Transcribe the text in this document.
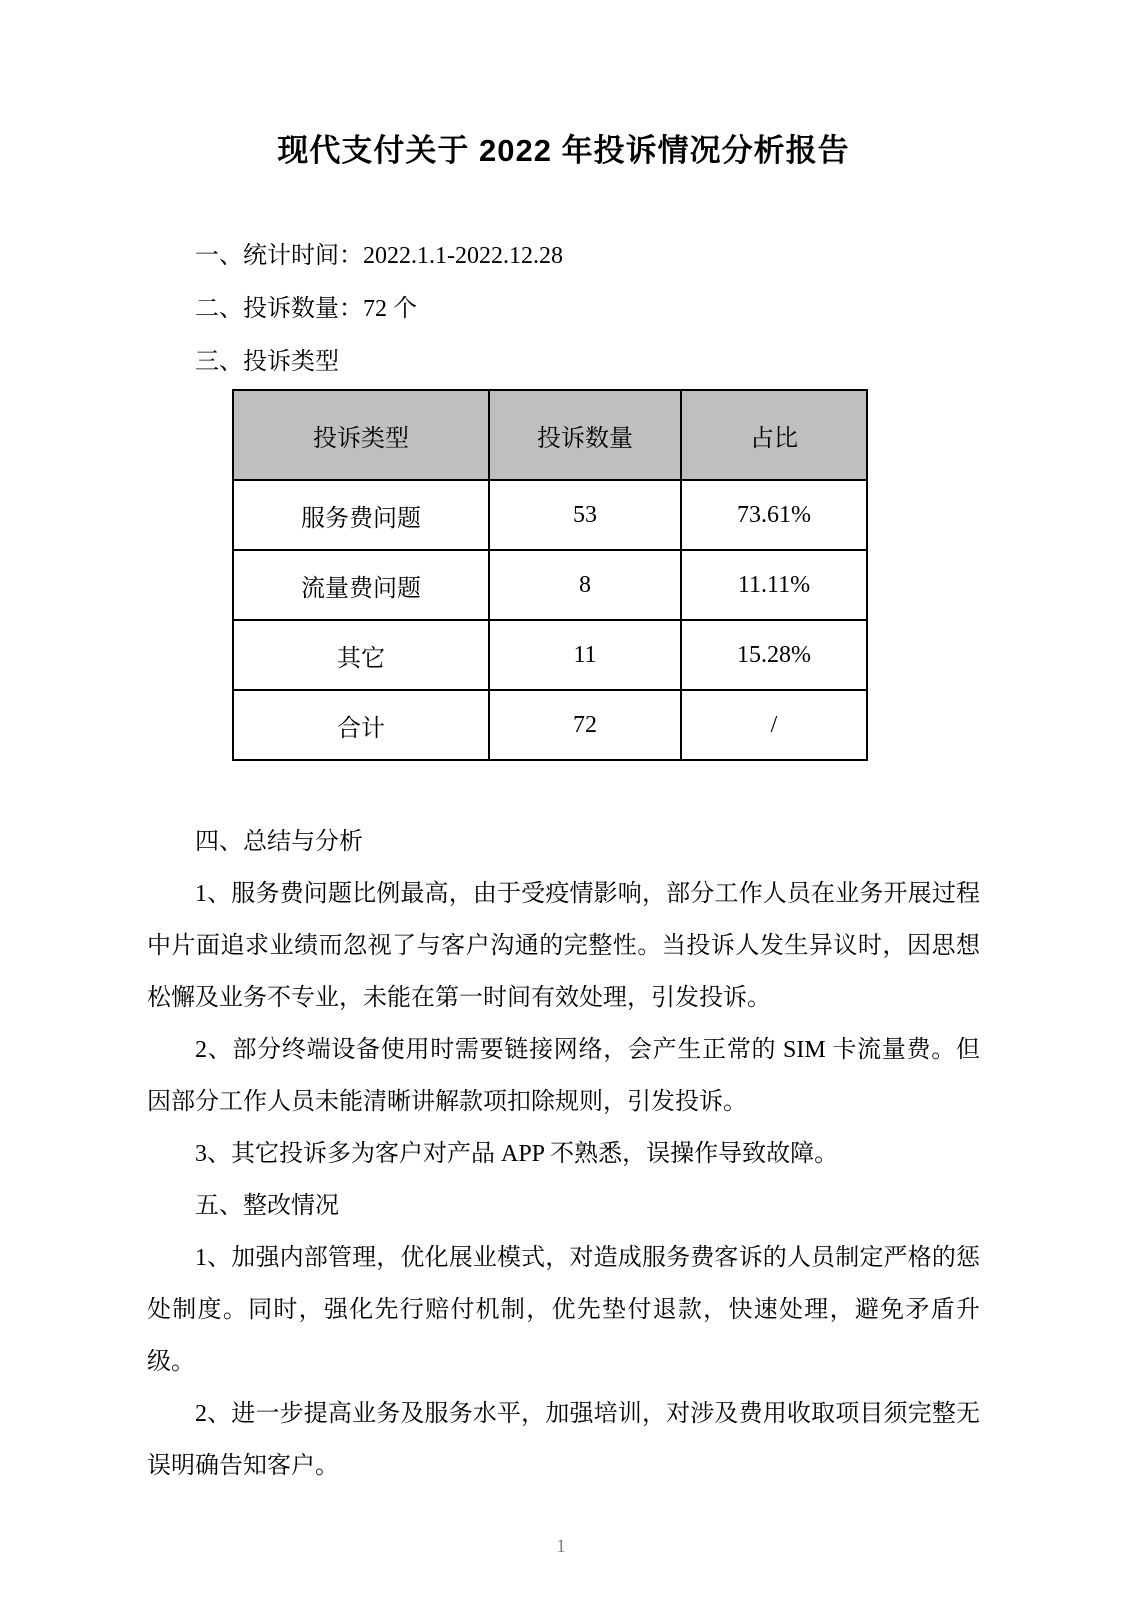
现代支付关于 2022 年投诉情况分析报告
一、统计时间：2022.1.1-2022.12.28
二、投诉数量：72 个
三、投诉类型
投诉类型	投诉数量	占比
服务费问题	53	73.61%
流量费问题	8	11.11%
其它	11	15.28%
合计	72	/

四、总结与分析

1、服务费问题比例最高，由于受疫情影响，部分工作人员在业务开展过程中片面追求业绩而忽视了与客户沟通的完整性。当投诉人发生异议时，因思想松懈及业务不专业，未能在第一时间有效处理，引发投诉。

2、部分终端设备使用时需要链接网络，会产生正常的 SIM 卡流量费。但因部分工作人员未能清晰讲解款项扣除规则，引发投诉。

3、其它投诉多为客户对产品 APP 不熟悉，误操作导致故障。

五、整改情况

1、加强内部管理，优化展业模式，对造成服务费客诉的人员制定严格的惩处制度。同时，强化先行赔付机制，优先垫付退款，快速处理，避免矛盾升级。

2、进一步提高业务及服务水平，加强培训，对涉及费用收取项目须完整无误明确告知客户。

1
